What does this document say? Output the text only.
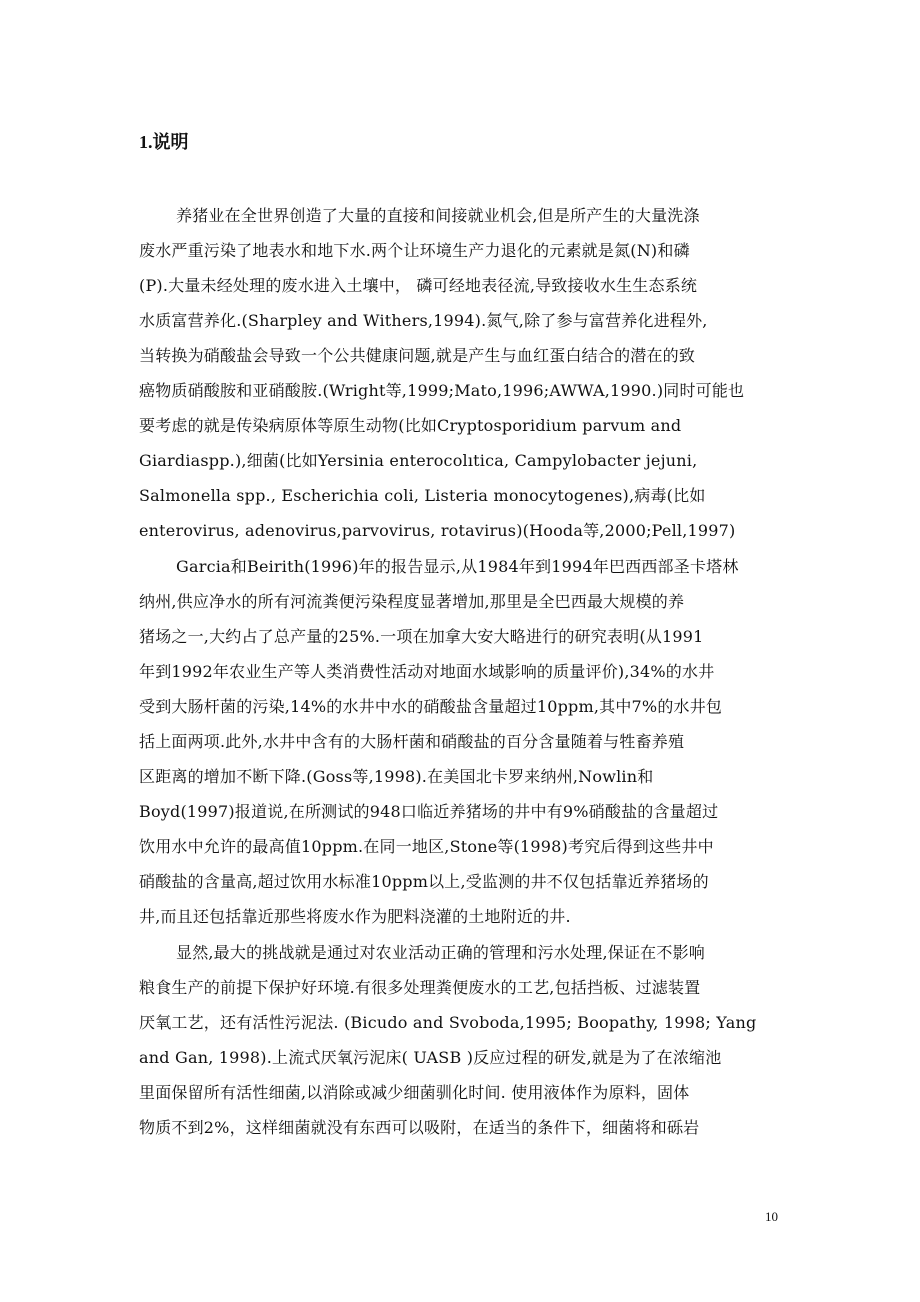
1.说明
养猪业在全世界创造了大量的直接和间接就业机会,但是所产生的大量洗涤
废水严重污染了地表水和地下水.两个让环境生产力退化的元素就是氮(N)和磷
(P).大量未经处理的废水进入土壤中， 磷可经地表径流,导致接收水生生态系统
水质富营养化.(Sharpley and Withers,1994).氮气,除了参与富营养化进程外,
当转换为硝酸盐会导致一个公共健康问题,就是产生与血红蛋白结合的潜在的致
癌物质硝酸胺和亚硝酸胺.(Wright等,1999;Mato,1996;AWWA,1990.)同时可能也
要考虑的就是传染病原体等原生动物(比如Cryptosporidium parvum and
Giardiaspp.),细菌(比如Yersinia enterocolıtica, Campylobacter jejuni,
Salmonella spp., Escherichia coli, Listeria monocytogenes),病毒(比如
enterovirus, adenovirus,parvovirus, rotavirus)(Hooda等,2000;Pell,1997)
Garcia和Beirith(1996)年的报告显示,从1984年到1994年巴西西部圣卡塔林
纳州,供应净水的所有河流粪便污染程度显著增加,那里是全巴西最大规模的养
猪场之一,大约占了总产量的25%.一项在加拿大安大略进行的研究表明(从1991
年到1992年农业生产等人类消费性活动对地面水域影响的质量评价),34%的水井
受到大肠杆菌的污染,14%的水井中水的硝酸盐含量超过10ppm,其中7%的水井包
括上面两项.此外,水井中含有的大肠杆菌和硝酸盐的百分含量随着与牲畜养殖
区距离的增加不断下降.(Goss等,1998).在美国北卡罗来纳州,Nowlin和
Boyd(1997)报道说,在所测试的948口临近养猪场的井中有9%硝酸盐的含量超过
饮用水中允许的最高值10ppm.在同一地区,Stone等(1998)考究后得到这些井中
硝酸盐的含量高,超过饮用水标准10ppm以上,受监测的井不仅包括靠近养猪场的
井,而且还包括靠近那些将废水作为肥料浇灌的土地附近的井.
显然,最大的挑战就是通过对农业活动正确的管理和污水处理,保证在不影响
粮食生产的前提下保护好环境.有很多处理粪便废水的工艺,包括挡板、过滤装置
厌氧工艺，还有活性污泥法. (Bicudo and Svoboda,1995; Boopathy, 1998; Yang
and Gan, 1998).上流式厌氧污泥床( UASB )反应过程的研发,就是为了在浓缩池
里面保留所有活性细菌,以消除或减少细菌驯化时间. 使用液体作为原料，固体
物质不到2%，这样细菌就没有东西可以吸附，在适当的条件下，细菌将和砾岩
10
